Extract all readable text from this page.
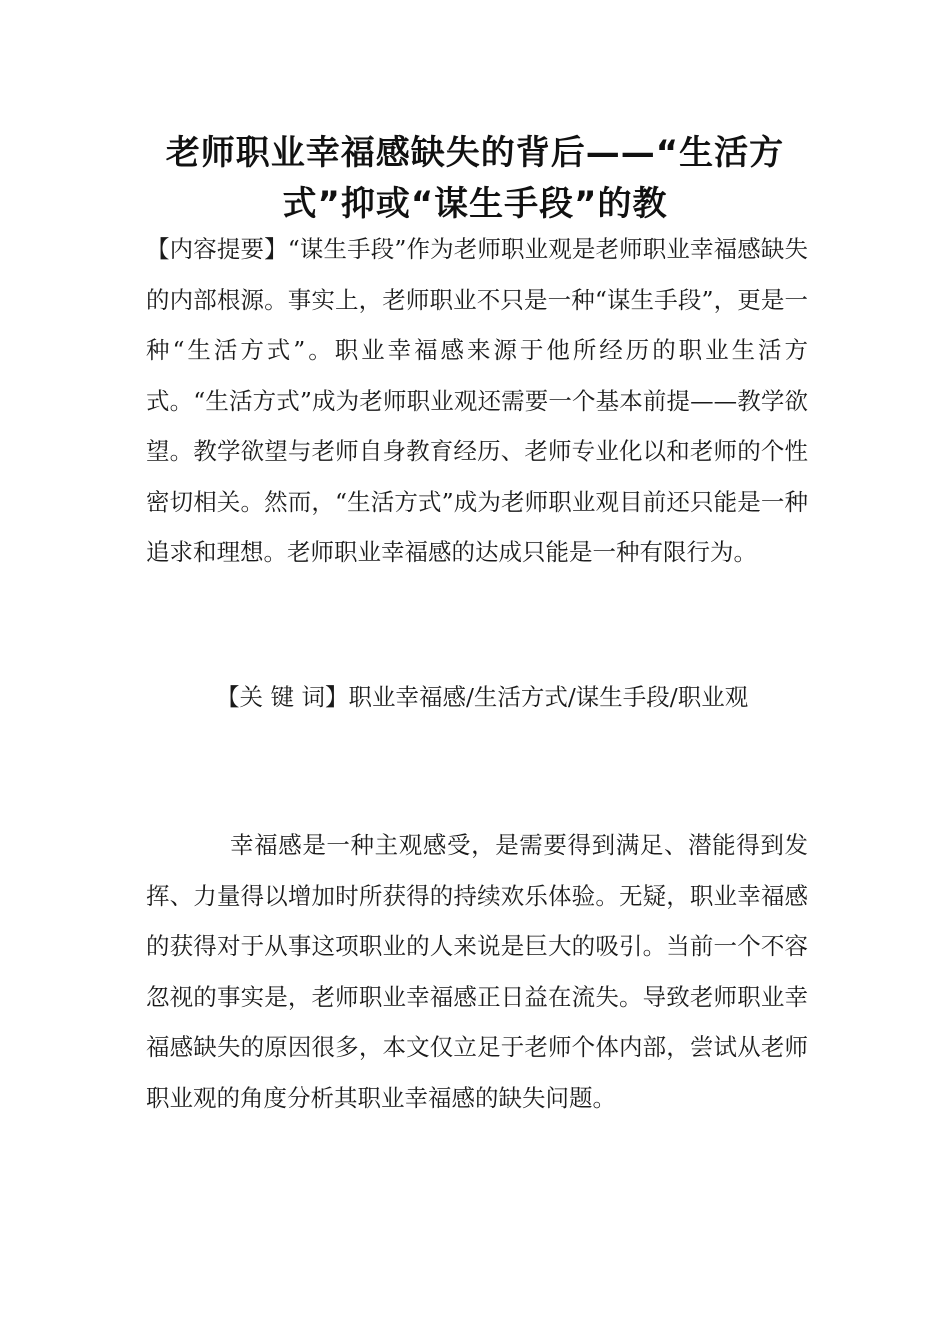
老师职业幸福感缺失的背后——“生活方式”抑或“谋生手段”的教

【内容提要】“谋生手段”作为老师职业观是老师职业幸福感缺失的内部根源。事实上，老师职业不只是一种“谋生手段”，更是一种“生活方式”。职业幸福感来源于他所经历的职业生活方式。“生活方式”成为老师职业观还需要一个基本前提——教学欲望。教学欲望与老师自身教育经历、老师专业化以和老师的个性密切相关。然而，“生活方式”成为老师职业观目前还只能是一种追求和理想。老师职业幸福感的达成只能是一种有限行为。

【关 键 词】职业幸福感/生活方式/谋生手段/职业观

幸福感是一种主观感受，是需要得到满足、潜能得到发挥、力量得以增加时所获得的持续欢乐体验。无疑，职业幸福感的获得对于从事这项职业的人来说是巨大的吸引。当前一个不容忽视的事实是，老师职业幸福感正日益在流失。导致老师职业幸福感缺失的原因很多，本文仅立足于老师个体内部，尝试从老师职业观的角度分析其职业幸福感的缺失问题。
